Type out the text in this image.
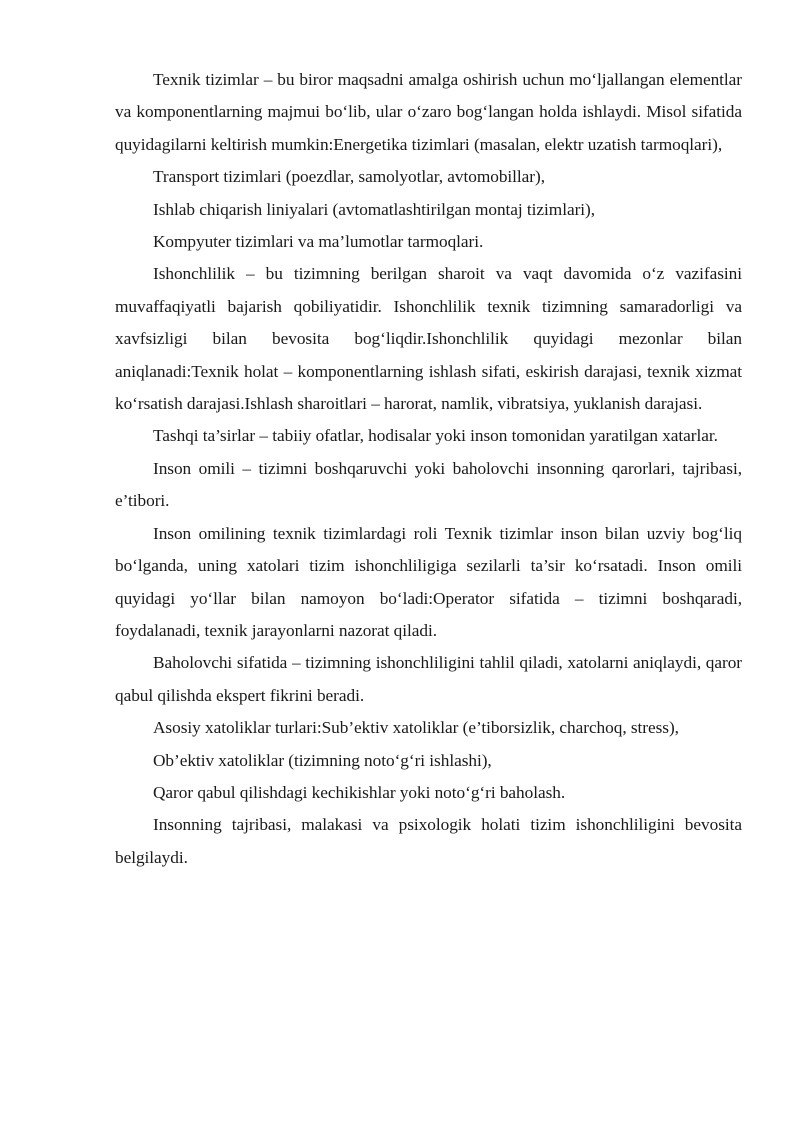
Texnik tizimlar – bu biror maqsadni amalga oshirish uchun mo‘ljallangan elementlar va komponentlarning majmui bo‘lib, ular o‘zaro bog‘langan holda ishlaydi. Misol sifatida quyidagilarni keltirish mumkin:Energetika tizimlari (masalan, elektr uzatish tarmoqlari),

Transport tizimlari (poezdlar, samolyotlar, avtomobillar),

Ishlab chiqarish liniyalari (avtomatlashtirilgan montaj tizimlari),

Kompyuter tizimlari va ma’lumotlar tarmoqlari.

Ishonchlilik – bu tizimning berilgan sharoit va vaqt davomida o‘z vazifasini muvaffaqiyatli bajarish qobiliyatidir. Ishonchlilik texnik tizimning samaradorligi va xavfsizligi bilan bevosita bog‘liqdir.Ishonchlilik quyidagi mezonlar bilan aniqlanadi:Texnik holat – komponentlarning ishlash sifati, eskirish darajasi, texnik xizmat ko‘rsatish darajasi.Ishlash sharoitlari – harorat, namlik, vibratsiya, yuklanish darajasi.

Tashqi ta’sirlar – tabiiy ofatlar, hodisalar yoki inson tomonidan yaratilgan xatarlar.

Inson omili – tizimni boshqaruvchi yoki baholovchi insonning qarorlari, tajribasi, e’tibori.

Inson omilining texnik tizimlardagi roli Texnik tizimlar inson bilan uzviy bog‘liq bo‘lganda, uning xatolari tizim ishonchliligiga sezilarli ta’sir ko‘rsatadi. Inson omili quyidagi yo‘llar bilan namoyon bo‘ladi:Operator sifatida – tizimni boshqaradi, foydalanadi, texnik jarayonlarni nazorat qiladi.

Baholovchi sifatida – tizimning ishonchliligini tahlil qiladi, xatolarni aniqlaydi, qaror qabul qilishda ekspert fikrini beradi.

Asosiy xatoliklar turlari:Sub’ektiv xatoliklar (e’tiborsizlik, charchoq, stress),

Ob’ektiv xatoliklar (tizimning noto‘g‘ri ishlashi),

Qaror qabul qilishdagi kechikishlar yoki noto‘g‘ri baholash.

Insonning tajribasi, malakasi va psixologik holati tizim ishonchliligini bevosita belgilaydi.
